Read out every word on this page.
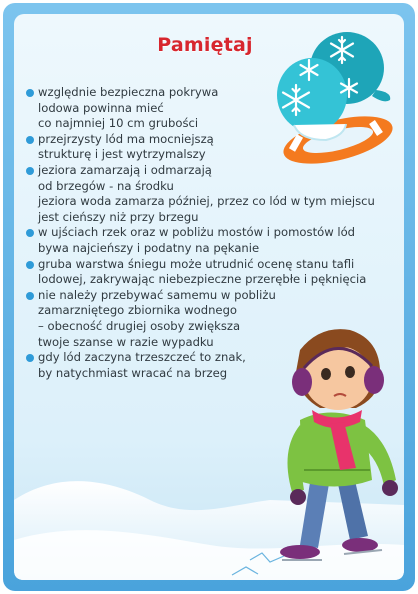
Pamiętaj
względnie bezpieczna pokrywa
lodowa powinna mieć
co najmniej 10 cm grubości
przejrzysty lód ma mocniejszą
strukturę i jest wytrzymalszy
jeziora zamarzają i odmarzają
od brzegów - na środku
jeziora woda zamarza później, przez co lód w tym miejscu
jest cieńszy niż przy brzegu
w ujściach rzek oraz w pobliżu mostów i pomostów lód
bywa najcieńszy i podatny na pękanie
gruba warstwa śniegu może utrudnić ocenę stanu tafli
lodowej, zakrywając niebezpieczne przerębłe i pęknięcia
nie należy przebywać samemu w pobliżu
zamarzniętego zbiornika wodnego
– obecność drugiej osoby zwiększa
twoje szanse w razie wypadku
gdy lód zaczyna trzeszczeć to znak,
by natychmiast wracać na brzeg
